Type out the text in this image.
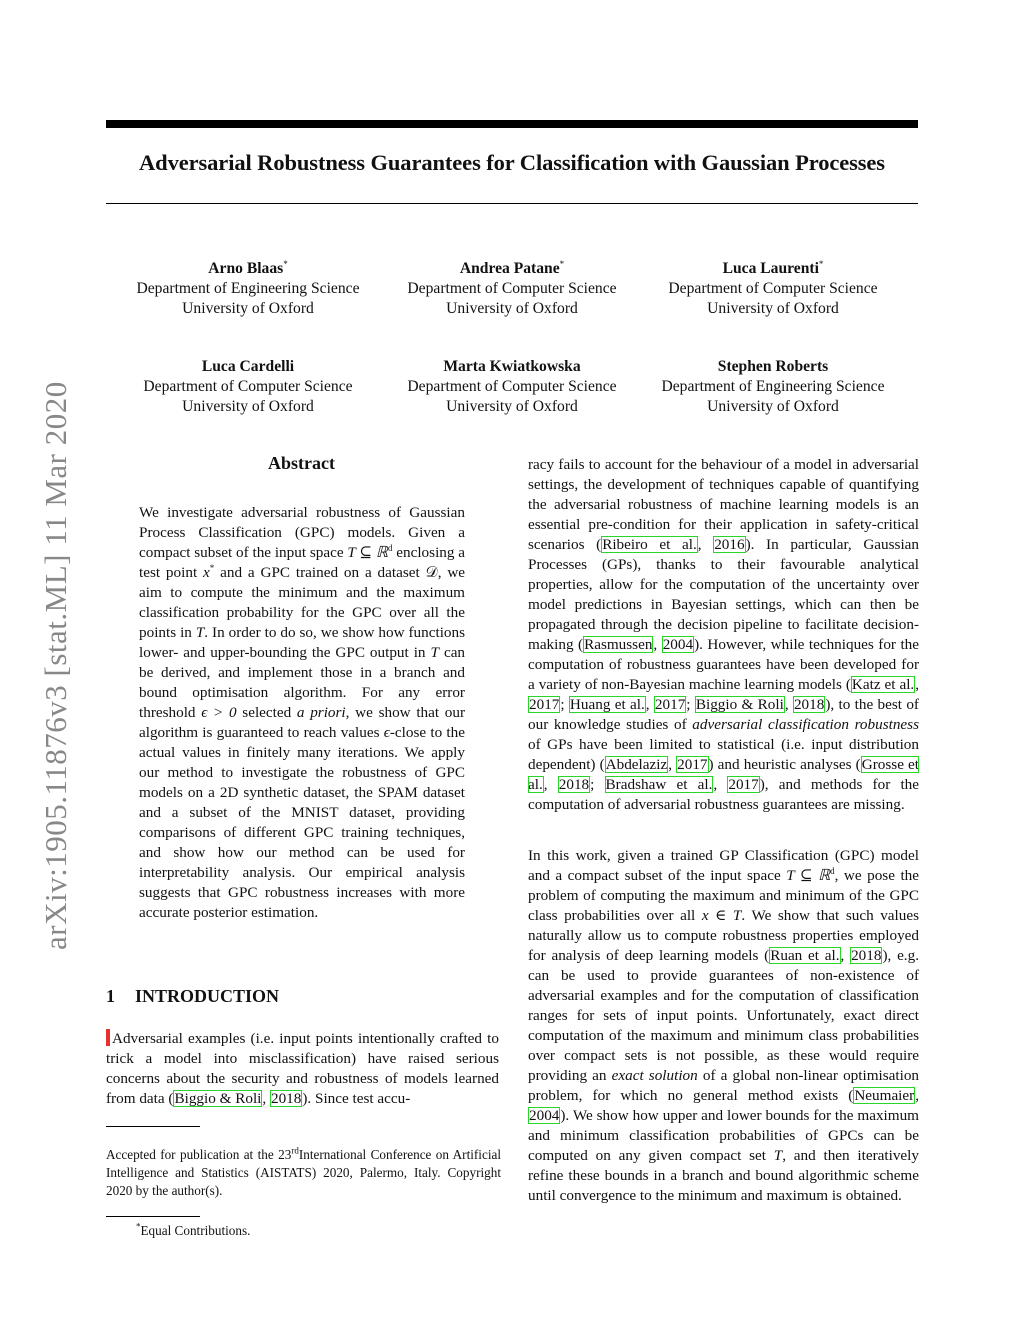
arXiv:1905.11876v3 [stat.ML] 11 Mar 2020
Adversarial Robustness Guarantees for Classification with Gaussian Processes
Arno Blaas*
Department of Engineering Science
University of Oxford
Andrea Patane*
Department of Computer Science
University of Oxford
Luca Laurenti*
Department of Computer Science
University of Oxford
Luca Cardelli
Department of Computer Science
University of Oxford
Marta Kwiatkowska
Department of Computer Science
University of Oxford
Stephen Roberts
Department of Engineering Science
University of Oxford
Abstract
We investigate adversarial robustness of Gaussian Process Classification (GPC) models. Given a compact subset of the input space T ⊆ ℝ$^d$ enclosing a test point x* and a GPC trained on a dataset 𝒟, we aim to compute the minimum and the maximum classification probability for the GPC over all the points in T. In order to do so, we show how functions lower- and upper-bounding the GPC output in T can be derived, and implement those in a branch and bound optimisation algorithm. For any error threshold ϵ > 0 selected a priori, we show that our algorithm is guaranteed to reach values ϵ-close to the actual values in finitely many iterations. We apply our method to investigate the robustness of GPC models on a 2D synthetic dataset, the SPAM dataset and a subset of the MNIST dataset, providing comparisons of different GPC training techniques, and show how our method can be used for interpretability analysis. Our empirical analysis suggests that GPC robustness increases with more accurate posterior estimation.
1 INTRODUCTION
Adversarial examples (i.e. input points intentionally crafted to trick a model into misclassification) have raised serious concerns about the security and robustness of models learned from data (Biggio & Roli, 2018). Since test accu-
Accepted for publication at the 23rdInternational Conference on Artificial Intelligence and Statistics (AISTATS) 2020, Palermo, Italy. Copyright 2020 by the author(s).
*Equal Contributions.
racy fails to account for the behaviour of a model in adversarial settings, the development of techniques capable of quantifying the adversarial robustness of machine learning models is an essential pre-condition for their application in safety-critical scenarios (Ribeiro et al., 2016). In particular, Gaussian Processes (GPs), thanks to their favourable analytical properties, allow for the computation of the uncertainty over model predictions in Bayesian settings, which can then be propagated through the decision pipeline to facilitate decision-making (Rasmussen, 2004). However, while techniques for the computation of robustness guarantees have been developed for a variety of non-Bayesian machine learning models (Katz et al., 2017; Huang et al., 2017; Biggio & Roli, 2018), to the best of our knowledge studies of adversarial classification robustness of GPs have been limited to statistical (i.e. input distribution dependent) (Abdelaziz, 2017) and heuristic analyses (Grosse et al., 2018; Bradshaw et al., 2017), and methods for the computation of adversarial robustness guarantees are missing.
In this work, given a trained GP Classification (GPC) model and a compact subset of the input space T ⊆ ℝ$^d$, we pose the problem of computing the maximum and minimum of the GPC class probabilities over all x ∈ T. We show that such values naturally allow us to compute robustness properties employed for analysis of deep learning models (Ruan et al., 2018), e.g. can be used to provide guarantees of non-existence of adversarial examples and for the computation of classification ranges for sets of input points. Unfortunately, exact direct computation of the maximum and minimum class probabilities over compact sets is not possible, as these would require providing an exact solution of a global non-linear optimisation problem, for which no general method exists (Neumaier, 2004). We show how upper and lower bounds for the maximum and minimum classification probabilities of GPCs can be computed on any given compact set T, and then iteratively refine these bounds in a branch and bound algorithmic scheme until convergence to the minimum and maximum is obtained.
